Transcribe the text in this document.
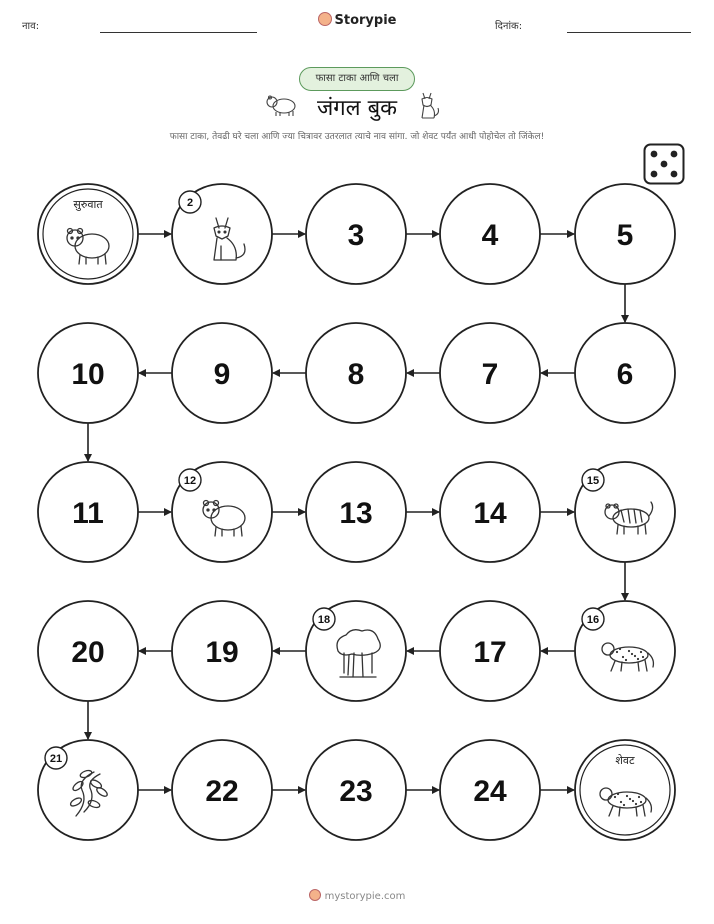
नाव:	Storypie	दिनांक:
फासा टाका आणि चला
जंगल बुक
फासा टाका, तेवढी घरे चला आणि ज्या चित्रावर उतरलात त्याचे नाव सांगा. जो शेवट पर्यंत आधी पोहोचेल तो जिंकेल!
सुरुवात	2
3	4	5
6
7
8
9
10
11
12
13	14
15
16
17
18
19
20
21
22	23	24
शेवट
mystorypie.com
